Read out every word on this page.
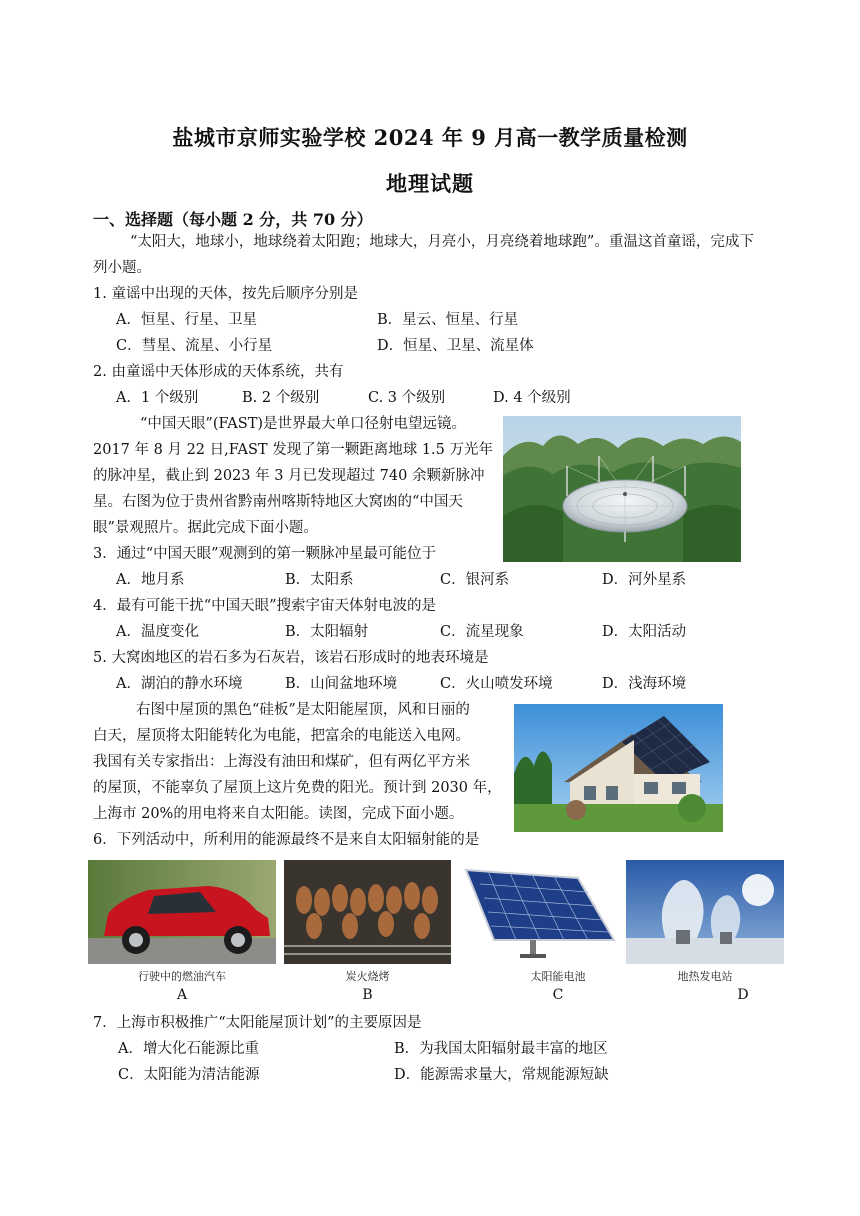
盐城市京师实验学校 2024 年 9 月高一教学质量检测
地理试题
一、选择题（每小题 2 分，共 70 分）
“太阳大，地球小，地球绕着太阳跑；地球大，月亮小，月亮绕着地球跑”。重温这首童谣，完成下
列小题。
1. 童谣中出现的天体，按先后顺序分别是
A．恒星、行星、卫星	B．星云、恒星、行星
C．彗星、流星、小行星	D．恒星、卫星、流星体
2. 由童谣中天体形成的天体系统，共有
A．1 个级别	B. 2 个级别	C. 3 个级别	D. 4 个级别
“中国天眼”(FAST)是世界最大单口径射电望远镜。
2017 年 8 月 22 日,FAST 发现了第一颗距离地球 1.5 万光年
的脉冲星，截止到 2023 年 3 月已发现超过 740 余颗新脉冲
星。右图为位于贵州省黔南州喀斯特地区大窝凼的“中国天
眼”景观照片。据此完成下面小题。
3．通过“中国天眼”观测到的第一颗脉冲星最可能位于
A．地月系	B．太阳系	C．银河系	D．河外星系
4．最有可能干扰“中国天眼”搜索宇宙天体射电波的是
A．温度变化	B．太阳辐射	C．流星现象	D．太阳活动
5. 大窝凼地区的岩石多为石灰岩，该岩石形成时的地表环境是
A．湖泊的静水环境	B．山间盆地环境	C．火山喷发环境	D．浅海环境
右图中屋顶的黑色“硅板”是太阳能屋顶，风和日丽的
白天，屋顶将太阳能转化为电能，把富余的电能送入电网。
我国有关专家指出：上海没有油田和煤矿，但有两亿平方米
的屋顶，不能辜负了屋顶上这片免费的阳光。预计到 2030 年，
上海市 20%的用电将来自太阳能。读图，完成下面小题。
6．下列活动中，所利用的能源最终不是来自太阳辐射能的是
行驶中的燃油汽车
A
炭火烧烤
B
太阳能电池
C
地热发电站
D
7．上海市积极推广“太阳能屋顶计划”的主要原因是
A．增大化石能源比重	B．为我国太阳辐射最丰富的地区
C．太阳能为清洁能源	D．能源需求量大，常规能源短缺
